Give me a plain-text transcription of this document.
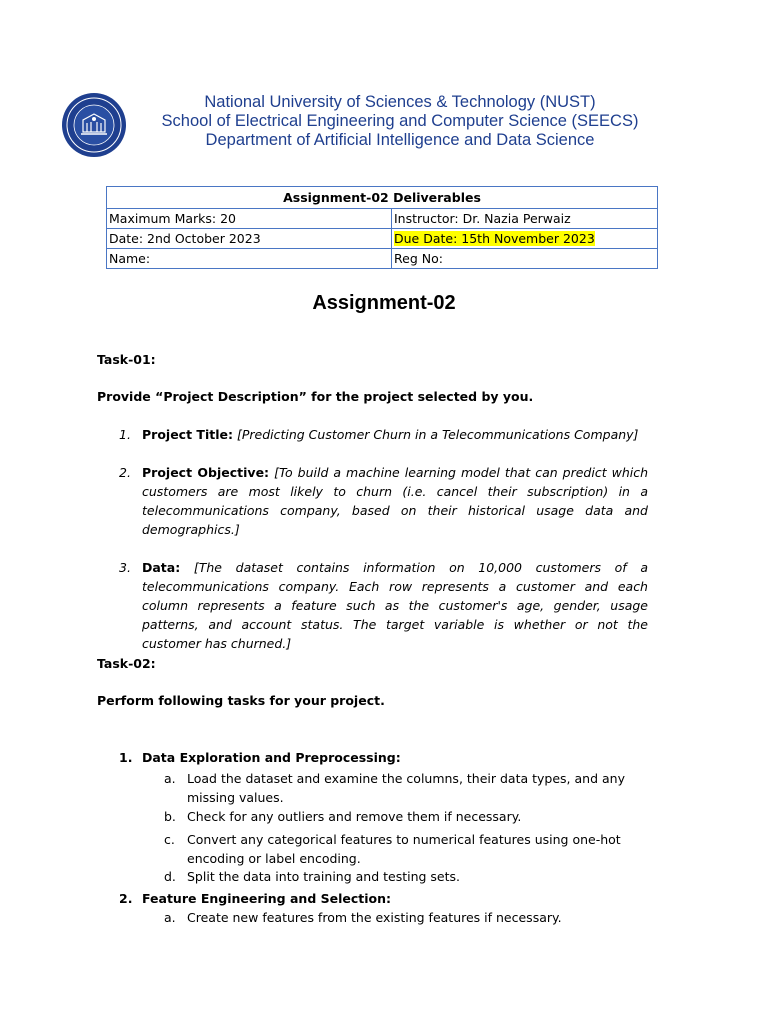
National University of Sciences & Technology (NUST)
School of Electrical Engineering and Computer Science (SEECS)
Department of Artificial Intelligence and Data Science
Assignment-02 Deliverables	
Maximum Marks: 20	Instructor: Dr. Nazia Perwaiz
Date: 2nd October 2023	Due Date: 15th November 2023
Name:	Reg No:
Assignment-02
Task-01:
Provide “Project Description” for the project selected by you.
1. Project Title: [Predicting Customer Churn in a Telecommunications Company]
2. Project Objective: [To build a machine learning model that can predict which customers are most likely to churn (i.e. cancel their subscription) in a telecommunications company, based on their historical usage data and demographics.]
3. Data: [The dataset contains information on 10,000 customers of a telecommunications company. Each row represents a customer and each column represents a feature such as the customer's age, gender, usage patterns, and account status. The target variable is whether or not the customer has churned.]
Task-02:
Perform following tasks for your project.
1. Data Exploration and Preprocessing:
a. Load the dataset and examine the columns, their data types, and any missing values.
b. Check for any outliers and remove them if necessary.
c. Convert any categorical features to numerical features using one-hot encoding or label encoding.
d. Split the data into training and testing sets.
2. Feature Engineering and Selection:
a. Create new features from the existing features if necessary.
